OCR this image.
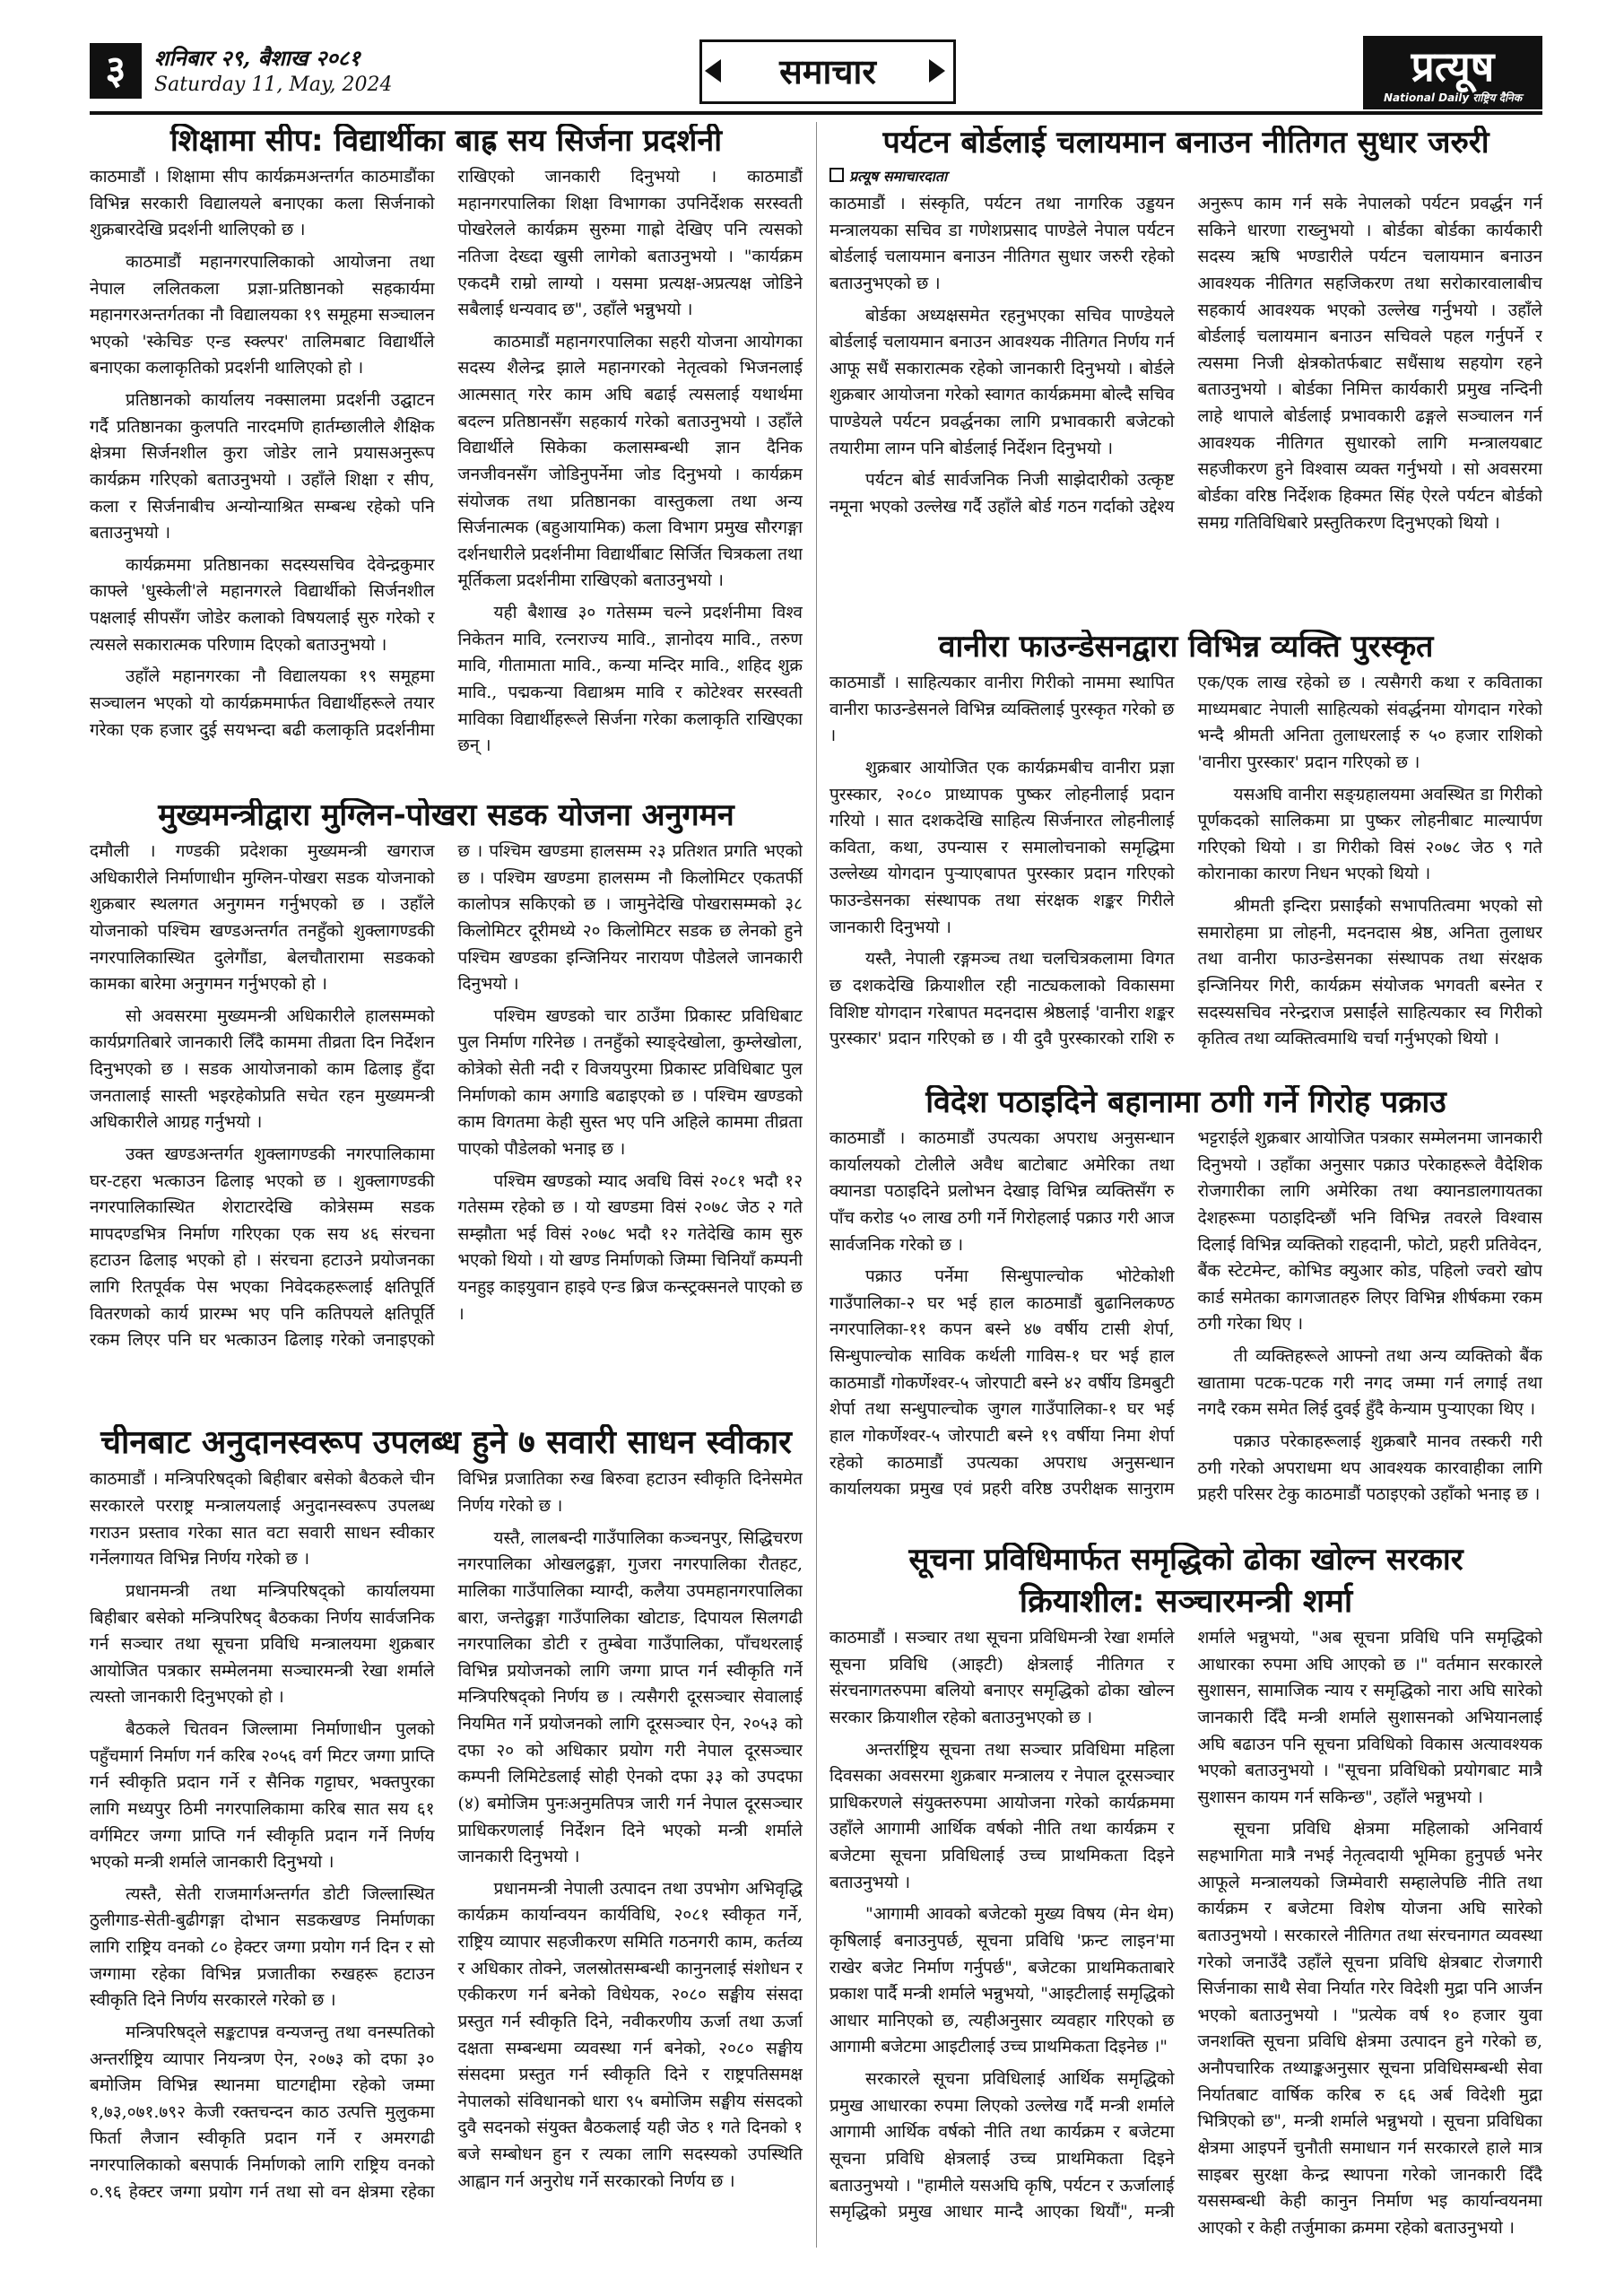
३	शनिबार २९, बैशाख २०८१
Saturday 11, May, 2024	समाचार	प्रत्यूष
National Daily राष्ट्रिय दैनिक
शिक्षामा सीप: विद्यार्थीका बाह्र सय सिर्जना प्रदर्शनी

काठमाडौं । शिक्षामा सीप कार्यक्रमअन्तर्गत काठमाडौंका विभिन्न सरकारी विद्यालयले बनाएका कला सिर्जनाको शुक्रबारदेखि प्रदर्शनी थालिएको छ ।

काठमाडौं महानगरपालिकाको आयोजना तथा नेपाल ललितकला प्रज्ञा-प्रतिष्ठानको सहकार्यमा महानगरअन्तर्गतका नौ विद्यालयका १९ समूहमा सञ्चालन भएको 'स्केचिङ एन्ड स्क्ल्पर' तालिमबाट विद्यार्थीले बनाएका कलाकृतिको प्रदर्शनी थालिएको हो ।

प्रतिष्ठानको कार्यालय नक्सालमा प्रदर्शनी उद्घाटन गर्दै प्रतिष्ठानका कुलपति नारदमणि हार्तम्छालीले शैक्षिक क्षेत्रमा सिर्जनशील कुरा जोडेर लाने प्रयासअनुरूप कार्यक्रम गरिएको बताउनुभयो । उहाँले शिक्षा र सीप, कला र सिर्जनाबीच अन्योन्याश्रित सम्बन्ध रहेको पनि बताउनुभयो ।

कार्यक्रममा प्रतिष्ठानका सदस्यसचिव देवेन्द्रकुमार काफ्ले 'धुस्केली'ले महानगरले विद्यार्थीको सिर्जनशील पक्षलाई सीपसँग जोडेर कलाको विषयलाई सुरु गरेको र त्यसले सकारात्मक परिणाम दिएको बताउनुभयो ।

उहाँले महानगरका नौ विद्यालयका १९ समूहमा सञ्चालन भएको यो कार्यक्रममार्फत विद्यार्थीहरूले तयार गरेका एक हजार दुई सयभन्दा बढी कलाकृति प्रदर्शनीमा राखिएको जानकारी दिनुभयो । काठमाडौं महानगरपालिका शिक्षा विभागका उपनिर्देशक सरस्वती पोखरेलले कार्यक्रम सुरुमा गाह्रो देखिए पनि त्यसको नतिजा देख्दा खुसी लागेको बताउनुभयो । "कार्यक्रम एकदमै राम्रो लाग्यो । यसमा प्रत्यक्ष-अप्रत्यक्ष जोडिने सबैलाई धन्यवाद छ", उहाँले भन्नुभयो ।

काठमाडौं महानगरपालिका सहरी योजना आयोगका सदस्य शैलेन्द्र झाले महानगरको नेतृत्वको भिजनलाई आत्मसात् गरेर काम अघि बढाई त्यसलाई यथार्थमा बदल्न प्रतिष्ठानसँग सहकार्य गरेको बताउनुभयो । उहाँले विद्यार्थीले सिकेका कलासम्बन्धी ज्ञान दैनिक जनजीवनसँग जोडिनुपर्नेमा जोड दिनुभयो । कार्यक्रम संयोजक तथा प्रतिष्ठानका वास्तुकला तथा अन्य सिर्जनात्मक (बहुआयामिक) कला विभाग प्रमुख सौरगङ्गा दर्शनधारीले प्रदर्शनीमा विद्यार्थीबाट सिर्जित चित्रकला तथा मूर्तिकला प्रदर्शनीमा राखिएको बताउनुभयो ।

यही बैशाख ३० गतेसम्म चल्ने प्रदर्शनीमा विश्व निकेतन मावि, रत्नराज्य मावि., ज्ञानोदय मावि., तरुण मावि, गीतामाता मावि., कन्या मन्दिर मावि., शहिद शुक्र मावि., पद्मकन्या विद्याश्रम मावि र कोटेश्वर सरस्वती माविका विद्यार्थीहरूले सिर्जना गरेका कलाकृति राखिएका छन् ।

मुख्यमन्त्रीद्वारा मुग्लिन-पोखरा सडक योजना अनुगमन

दमौली । गण्डकी प्रदेशका मुख्यमन्त्री खगराज अधिकारीले निर्माणाधीन मुग्लिन-पोखरा सडक योजनाको शुक्रबार स्थलगत अनुगमन गर्नुभएको छ । उहाँले योजनाको पश्चिम खण्डअन्तर्गत तनहुँको शुक्लागण्डकी नगरपालिकास्थित दुलेगौंडा, बेलचौतारामा सडकको कामका बारेमा अनुगमन गर्नुभएको हो ।

सो अवसरमा मुख्यमन्त्री अधिकारीले हालसम्मको कार्यप्रगतिबारे जानकारी लिँदै काममा तीव्रता दिन निर्देशन दिनुभएको छ । सडक आयोजनाको काम ढिलाइ हुँदा जनतालाई सास्ती भइरहेकोप्रति सचेत रहन मुख्यमन्त्री अधिकारीले आग्रह गर्नुभयो ।

उक्त खण्डअन्तर्गत शुक्लागण्डकी नगरपालिकामा घर-टहरा भत्काउन ढिलाइ भएको छ । शुक्लागण्डकी नगरपालिकास्थित शेराटारदेखि कोत्रेसम्म सडक मापदण्डभित्र निर्माण गरिएका एक सय ४६ संरचना हटाउन ढिलाइ भएको हो । संरचना हटाउने प्रयोजनका लागि रितपूर्वक पेस भएका निवेदकहरूलाई क्षतिपूर्ति वितरणको कार्य प्रारम्भ भए पनि कतिपयले क्षतिपूर्ति रकम लिएर पनि घर भत्काउन ढिलाइ गरेको जनाइएको छ । पश्चिम खण्डमा हालसम्म २३ प्रतिशत प्रगति भएको छ । पश्चिम खण्डमा हालसम्म नौ किलोमिटर एकतर्फी कालोपत्र सकिएको छ । जामुनेदेखि पोखरासम्मको ३८ किलोमिटर दूरीमध्ये २० किलोमिटर सडक छ लेनको हुने पश्चिम खण्डका इन्जिनियर नारायण पौडेलले जानकारी दिनुभयो ।

पश्चिम खण्डको चार ठाउँमा प्रिकास्ट प्रविधिबाट पुल निर्माण गरिनेछ । तनहुँको स्याङ्देखोला, कुम्लेखोला, कोत्रेको सेती नदी र विजयपुरमा प्रिकास्ट प्रविधिबाट पुल निर्माणको काम अगाडि बढाइएको छ । पश्चिम खण्डको काम विगतमा केही सुस्त भए पनि अहिले काममा तीव्रता पाएको पौडेलको भनाइ छ ।

पश्चिम खण्डको म्याद अवधि विसं २०८१ भदौ १२ गतेसम्म रहेको छ । यो खण्डमा विसं २०७८ जेठ २ गते सम्झौता भई विसं २०७८ भदौ १२ गतेदेखि काम सुरु भएको थियो । यो खण्ड निर्माणको जिम्मा चिनियाँ कम्पनी यनहुइ काइयुवान हाइवे एन्ड ब्रिज कन्स्ट्रक्सनले पाएको छ ।

चीनबाट अनुदानस्वरूप उपलब्ध हुने ७ सवारी साधन स्वीकार

काठमाडौं । मन्त्रिपरिषद्को बिहीबार बसेको बैठकले चीन सरकारले परराष्ट्र मन्त्रालयलाई अनुदानस्वरूप उपलब्ध गराउन प्रस्ताव गरेका सात वटा सवारी साधन स्वीकार गर्नेलगायत विभिन्न निर्णय गरेको छ ।

प्रधानमन्त्री तथा मन्त्रिपरिषद्को कार्यालयमा बिहीबार बसेको मन्त्रिपरिषद् बैठकका निर्णय सार्वजनिक गर्न सञ्चार तथा सूचना प्रविधि मन्त्रालयमा शुक्रबार आयोजित पत्रकार सम्मेलनमा सञ्चारमन्त्री रेखा शर्माले त्यस्तो जानकारी दिनुभएको हो ।

बैठकले चितवन जिल्लामा निर्माणाधीन पुलको पहुँचमार्ग निर्माण गर्न करिब २०५६ वर्ग मिटर जग्गा प्राप्ति गर्न स्वीकृति प्रदान गर्ने र सैनिक गट्टाघर, भक्तपुरका लागि मध्यपुर ठिमी नगरपालिकामा करिब सात सय ६१ वर्गमिटर जग्गा प्राप्ति गर्न स्वीकृति प्रदान गर्ने निर्णय भएको मन्त्री शर्माले जानकारी दिनुभयो ।

त्यस्तै, सेती राजमार्गअन्तर्गत डोटी जिल्लास्थित ठुलीगाड-सेती-बुढीगङ्गा दोभान सडकखण्ड निर्माणका लागि राष्ट्रिय वनको ८० हेक्टर जग्गा प्रयोग गर्न दिन र सो जग्गामा रहेका विभिन्न प्रजातीका रुखहरू हटाउन स्वीकृति दिने निर्णय सरकारले गरेको छ ।

मन्त्रिपरिषद्ले सङ्कटापन्न वन्यजन्तु तथा वनस्पतिको अन्तर्राष्ट्रिय व्यापार नियन्त्रण ऐन, २०७३ को दफा ३० बमोजिम विभिन्न स्थानमा घाटगद्दीमा रहेको जम्मा १,७३,०७१.७९२ केजी रक्तचन्दन काठ उत्पत्ति मुलुकमा फिर्ता लैजान स्वीकृति प्रदान गर्ने र अमरगढी नगरपालिकाको बसपार्क निर्माणको लागि राष्ट्रिय वनको ०.९६ हेक्टर जग्गा प्रयोग गर्न तथा सो वन क्षेत्रमा रहेका विभिन्न प्रजातिका रुख बिरुवा हटाउन स्वीकृति दिनेसमेत निर्णय गरेको छ ।

यस्तै, लालबन्दी गाउँपालिका कञ्चनपुर, सिद्धिचरण नगरपालिका ओखलढुङ्गा, गुजरा नगरपालिका रौतहट, मालिका गाउँपालिका म्याग्दी, कलैया उपमहानगरपालिका बारा, जन्तेढुङ्गा गाउँपालिका खोटाङ, दिपायल सिलगढी नगरपालिका डोटी र तुम्बेवा गाउँपालिका, पाँचथरलाई विभिन्न प्रयोजनको लागि जग्गा प्राप्त गर्न स्वीकृति गर्ने मन्त्रिपरिषद्को निर्णय छ । त्यसैगरी दूरसञ्चार सेवालाई नियमित गर्ने प्रयोजनको लागि दूरसञ्चार ऐन, २०५३ को दफा २० को अधिकार प्रयोग गरी नेपाल दूरसञ्चार कम्पनी लिमिटेडलाई सोही ऐनको दफा ३३ को उपदफा (४) बमोजिम पुनःअनुमतिपत्र जारी गर्न नेपाल दूरसञ्चार प्राधिकरणलाई निर्देशन दिने भएको मन्त्री शर्माले जानकारी दिनुभयो ।

प्रधानमन्त्री नेपाली उत्पादन तथा उपभोग अभिवृद्धि कार्यक्रम कार्यान्वयन कार्यविधि, २०८१ स्वीकृत गर्ने, राष्ट्रिय व्यापार सहजीकरण समिति गठनगरी काम, कर्तव्य र अधिकार तोक्ने, जलस्रोतसम्बन्धी कानुनलाई संशोधन र एकीकरण गर्न बनेको विधेयक, २०८० सङ्घीय संसदा प्रस्तुत गर्न स्वीकृति दिने, नवीकरणीय ऊर्जा तथा ऊर्जा दक्षता सम्बन्धमा व्यवस्था गर्न बनेको, २०८० सङ्घीय संसदमा प्रस्तुत गर्न स्वीकृति दिने र राष्ट्रपतिसमक्ष नेपालको संविधानको धारा ९५ बमोजिम सङ्घीय संसदको दुवै सदनको संयुक्त बैठकलाई यही जेठ १ गते दिनको १ बजे सम्बोधन हुन र त्यका लागि सदस्यको उपस्थिति आह्वान गर्न अनुरोध गर्ने सरकारको निर्णय छ ।

पर्यटन बोर्डलाई चलायमान बनाउन नीतिगत सुधार जरुरी
प्रत्यूष समाचारदाता

काठमाडौं । संस्कृति, पर्यटन तथा नागरिक उड्डयन मन्त्रालयका सचिव डा गणेशप्रसाद पाण्डेले नेपाल पर्यटन बोर्डलाई चलायमान बनाउन नीतिगत सुधार जरुरी रहेको बताउनुभएको छ ।

बोर्डका अध्यक्षसमेत रहनुभएका सचिव पाण्डेयले बोर्डलाई चलायमान बनाउन आवश्यक नीतिगत निर्णय गर्न आफू सधैं सकारात्मक रहेको जानकारी दिनुभयो । बोर्डले शुक्रबार आयोजना गरेको स्वागत कार्यक्रममा बोल्दै सचिव पाण्डेयले पर्यटन प्रवर्द्धनका लागि प्रभावकारी बजेटको तयारीमा लाग्न पनि बोर्डलाई निर्देशन दिनुभयो ।

पर्यटन बोर्ड सार्वजनिक निजी साझेदारीको उत्कृष्ट नमूना भएको उल्लेख गर्दै उहाँले बोर्ड गठन गर्दाको उद्देश्य अनुरूप काम गर्न सके नेपालको पर्यटन प्रवर्द्धन गर्न सकिने धारणा राख्नुभयो । बोर्डका बोर्डका कार्यकारी सदस्य ऋषि भण्डारीले पर्यटन चलायमान बनाउन आवश्यक नीतिगत सहजिकरण तथा सरोकारवालाबीच सहकार्य आवश्यक भएको उल्लेख गर्नुभयो । उहाँले बोर्डलाई चलायमान बनाउन सचिवले पहल गर्नुपर्ने र त्यसमा निजी क्षेत्रकोतर्फबाट सधैंसाथ सहयोग रहने बताउनुभयो । बोर्डका निमित्त कार्यकारी प्रमुख नन्दिनी लाहे थापाले बोर्डलाई प्रभावकारी ढङ्गले सञ्चालन गर्न आवश्यक नीतिगत सुधारको लागि मन्त्रालयबाट सहजीकरण हुने विश्वास व्यक्त गर्नुभयो । सो अवसरमा बोर्डका वरिष्ठ निर्देशक हिक्मत सिंह ऐरले पर्यटन बोर्डको समग्र गतिविधिबारे प्रस्तुतिकरण दिनुभएको थियो ।

वानीरा फाउन्डेसनद्वारा विभिन्न व्यक्ति पुरस्कृत

काठमाडौं । साहित्यकार वानीरा गिरीको नाममा स्थापित वानीरा फाउन्डेसनले विभिन्न व्यक्तिलाई पुरस्कृत गरेको छ ।

शुक्रबार आयोजित एक कार्यक्रमबीच वानीरा प्रज्ञा पुरस्कार, २०८० प्राध्यापक पुष्कर लोहनीलाई प्रदान गरियो । सात दशकदेखि साहित्य सिर्जनारत लोहनीलाई कविता, कथा, उपन्यास र समालोचनाको समृद्धिमा उल्लेख्य योगदान पुर्‍याएबापत पुरस्कार प्रदान गरिएको फाउन्डेसनका संस्थापक तथा संरक्षक शङ्कर गिरीले जानकारी दिनुभयो ।

यस्तै, नेपाली रङ्गमञ्च तथा चलचित्रकलामा विगत छ दशकदेखि क्रियाशील रही नाट्यकलाको विकासमा विशिष्ट योगदान गरेबापत मदनदास श्रेष्ठलाई 'वानीरा शङ्कर पुरस्कार' प्रदान गरिएको छ । यी दुवै पुरस्कारको राशि रु एक/एक लाख रहेको छ । त्यसैगरी कथा र कविताका माध्यमबाट नेपाली साहित्यको संवर्द्धनमा योगदान गरेको भन्दै श्रीमती अनिता तुलाधरलाई रु ५० हजार राशिको 'वानीरा पुरस्कार' प्रदान गरिएको छ ।

यसअघि वानीरा सङ्ग्रहालयमा अवस्थित डा गिरीको पूर्णकदको सालिकमा प्रा पुष्कर लोहनीबाट माल्यार्पण गरिएको थियो । डा गिरीको विसं २०७८ जेठ ९ गते कोरानाका कारण निधन भएको थियो ।

श्रीमती इन्दिरा प्रसाईंको सभापतित्वमा भएको सो समारोहमा प्रा लोहनी, मदनदास श्रेष्ठ, अनिता तुलाधर तथा वानीरा फाउन्डेसनका संस्थापक तथा संरक्षक इन्जिनियर गिरी, कार्यक्रम संयोजक भगवती बस्नेत र सदस्यसचिव नरेन्द्रराज प्रसाईंले साहित्यकार स्व गिरीको कृतित्व तथा व्यक्तित्वमाथि चर्चा गर्नुभएको थियो ।

विदेश पठाइदिने बहानामा ठगी गर्ने गिरोह पक्राउ

काठमाडौं । काठमाडौं उपत्यका अपराध अनुसन्धान कार्यालयको टोलीले अवैध बाटोबाट अमेरिका तथा क्यानडा पठाइदिने प्रलोभन देखाइ विभिन्न व्यक्तिसँग रु पाँच करोड ५० लाख ठगी गर्ने गिरोहलाई पक्राउ गरी आज सार्वजनिक गरेको छ ।

पक्राउ पर्नेमा सिन्धुपाल्चोक भोटेकोशी गाउँपालिका-२ घर भई हाल काठमाडौं बुढानिलकण्ठ नगरपालिका-११ कपन बस्ने ४७ वर्षीय टासी शेर्पा, सिन्धुपाल्चोक साविक कर्थली गाविस-१ घर भई हाल काठमाडौं गोकर्णेश्वर-५ जोरपाटी बस्ने ४२ वर्षीय डिमबुटी शेर्पा तथा सन्धुपाल्चोक जुगल गाउँपालिका-१ घर भई हाल गोकर्णेश्वर-५ जोरपाटी बस्ने १९ वर्षीया निमा शेर्पा रहेको काठमाडौं उपत्यका अपराध अनुसन्धान कार्यालयका प्रमुख एवं प्रहरी वरिष्ठ उपरीक्षक सानुराम भट्टराईले शुक्रबार आयोजित पत्रकार सम्मेलनमा जानकारी दिनुभयो । उहाँका अनुसार पक्राउ परेकाहरूले वैदेशिक रोजगारीका लागि अमेरिका तथा क्यानडालगायतका देशहरूमा पठाइदिन्छौं भनि विभिन्न तवरले विश्वास दिलाई विभिन्न व्यक्तिको राहदानी, फोटो, प्रहरी प्रतिवेदन, बैंक स्टेटमेन्ट, कोभिड क्युआर कोड, पहिलो ज्वरो खोप कार्ड समेतका कागजातहरु लिएर विभिन्न शीर्षकमा रकम ठगी गरेका थिए ।

ती व्यक्तिहरूले आफ्नो तथा अन्य व्यक्तिको बैंक खातामा पटक-पटक गरी नगद जम्मा गर्न लगाई तथा नगदै रकम समेत लिई दुवई हुँदै केन्याम पुर्‍याएका थिए ।

पक्राउ परेकाहरूलाई शुक्रबारै मानव तस्करी गरी ठगी गरेको अपराधमा थप आवश्यक कारवाहीका लागि प्रहरी परिसर टेकु काठमाडौं पठाइएको उहाँको भनाइ छ ।

सूचना प्रविधिमार्फत समृद्धिको ढोका खोल्न सरकार
क्रियाशील: सञ्चारमन्त्री शर्मा

काठमाडौं । सञ्चार तथा सूचना प्रविधिमन्त्री रेखा शर्माले सूचना प्रविधि (आइटी) क्षेत्रलाई नीतिगत र संरचनागतरुपमा बलियो बनाएर समृद्धिको ढोका खोल्न सरकार क्रियाशील रहेको बताउनुभएको छ ।

अन्तर्राष्ट्रिय सूचना तथा सञ्चार प्रविधिमा महिला दिवसका अवसरमा शुक्रबार मन्त्रालय र नेपाल दूरसञ्चार प्राधिकरणले संयुक्तरुपमा आयोजना गरेको कार्यक्रममा उहाँले आगामी आर्थिक वर्षको नीति तथा कार्यक्रम र बजेटमा सूचना प्रविधिलाई उच्च प्राथमिकता दिइने बताउनुभयो ।

"आगामी आवको बजेटको मुख्य विषय (मेन थेम) कृषिलाई बनाउनुपर्छ, सूचना प्रविधि 'फ्रन्ट लाइन'मा राखेर बजेट निर्माण गर्नुपर्छ", बजेटका प्राथमिकताबारे प्रकाश पार्दै मन्त्री शर्माले भन्नुभयो, "आइटीलाई समृद्धिको आधार मानिएको छ, त्यहीअनुसार व्यवहार गरिएको छ आगामी बजेटमा आइटीलाई उच्च प्राथमिकता दिइनेछ ।"

सरकारले सूचना प्रविधिलाई आर्थिक समृद्धिको प्रमुख आधारका रुपमा लिएको उल्लेख गर्दै मन्त्री शर्माले आगामी आर्थिक वर्षको नीति तथा कार्यक्रम र बजेटमा सूचना प्रविधि क्षेत्रलाई उच्च प्राथमिकता दिइने बताउनुभयो । "हामीले यसअघि कृषि, पर्यटन र ऊर्जालाई समृद्धिको प्रमुख आधार मान्दै आएका थियौं", मन्त्री शर्माले भन्नुभयो, "अब सूचना प्रविधि पनि समृद्धिको आधारका रुपमा अघि आएको छ ।" वर्तमान सरकारले सुशासन, सामाजिक न्याय र समृद्धिको नारा अघि सारेको जानकारी दिँदै मन्त्री शर्माले सुशासनको अभियानलाई अघि बढाउन पनि सूचना प्रविधिको विकास अत्यावश्यक भएको बताउनुभयो । "सूचना प्रविधिको प्रयोगबाट मात्रै सुशासन कायम गर्न सकिन्छ", उहाँले भन्नुभयो ।

सूचना प्रविधि क्षेत्रमा महिलाको अनिवार्य सहभागिता मात्रै नभई नेतृत्वदायी भूमिका हुनुपर्छ भनेर आफूले मन्त्रालयको जिम्मेवारी सम्हालेपछि नीति तथा कार्यक्रम र बजेटमा विशेष योजना अघि सारेको बताउनुभयो । सरकारले नीतिगत तथा संरचनागत व्यवस्था गरेको जनाउँदै उहाँले सूचना प्रविधि क्षेत्रबाट रोजगारी सिर्जनाका साथै सेवा निर्यात गरेर विदेशी मुद्रा पनि आर्जन भएको बताउनुभयो । "प्रत्येक वर्ष १० हजार युवा जनशक्ति सूचना प्रविधि क्षेत्रमा उत्पादन हुने गरेको छ, अनौपचारिक तथ्याङ्कअनुसार सूचना प्रविधिसम्बन्धी सेवा निर्यातबाट वार्षिक करिब रु ६६ अर्ब विदेशी मुद्रा भित्रिएको छ", मन्त्री शर्माले भन्नुभयो । सूचना प्रविधिका क्षेत्रमा आइपर्ने चुनौती समाधान गर्न सरकारले हाले मात्र साइबर सुरक्षा केन्द्र स्थापना गरेको जानकारी दिँदै यससम्बन्धी केही कानुन निर्माण भइ कार्यान्वयनमा आएको र केही तर्जुमाका क्रममा रहेको बताउनुभयो ।
